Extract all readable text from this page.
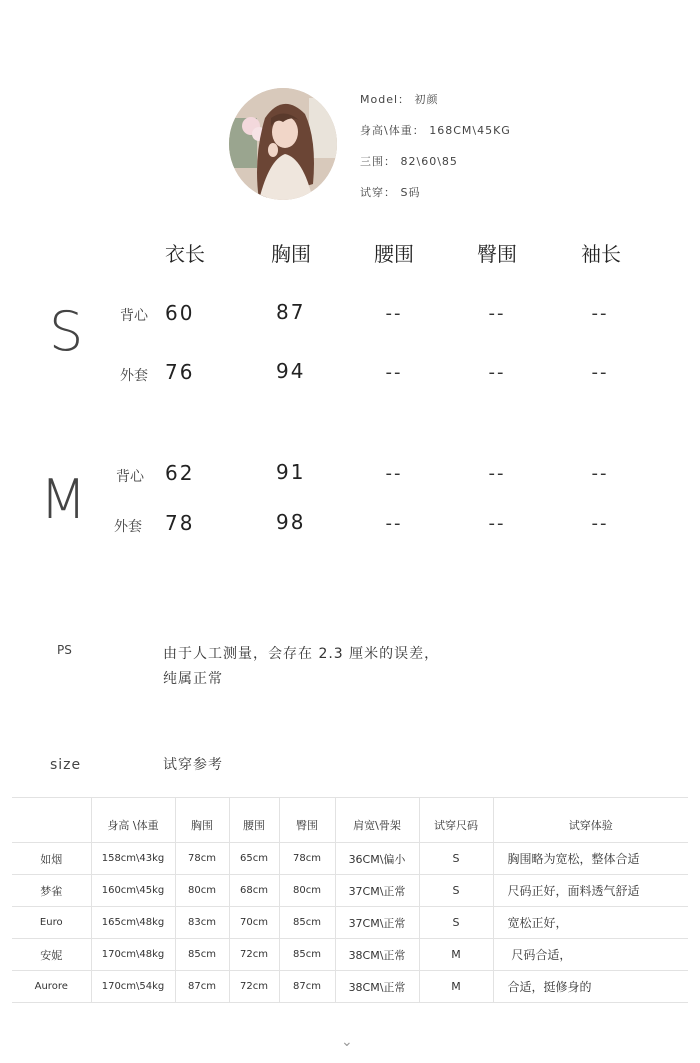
Model： 初颜
身高\体重： 168CM\45KG
三围： 82\60\85
试穿： S码
衣长	胸围	腰围	臀围	袖长
S	背心 60	87	--	--	--
外套 76	94	--	--	--
M 背心 62	91	--	--	--
外套 78	98	--	--	--
PS	由于人工测量，会存在 2.3 厘米的误差，
纯属正常
size	试穿参考
	身高 \体重	胸围	腰围	臀围	肩宽\骨架	试穿尺码	试穿体验
如烟	158cm\43kg	78cm	65cm	78cm	36CM\偏小	S	胸围略为宽松，整体合适
梦雀	160cm\45kg	80cm	68cm	80cm	37CM\正常	S	尺码正好，面料透气舒适
Euro	165cm\48kg	83cm	70cm	85cm	37CM\正常	S	宽松正好，
安妮	170cm\48kg	85cm	72cm	85cm	38CM\正常	M	尺码合适，
Aurore	170cm\54kg	87cm	72cm	87cm	38CM\正常	M	合适，挺修身的
⌄
